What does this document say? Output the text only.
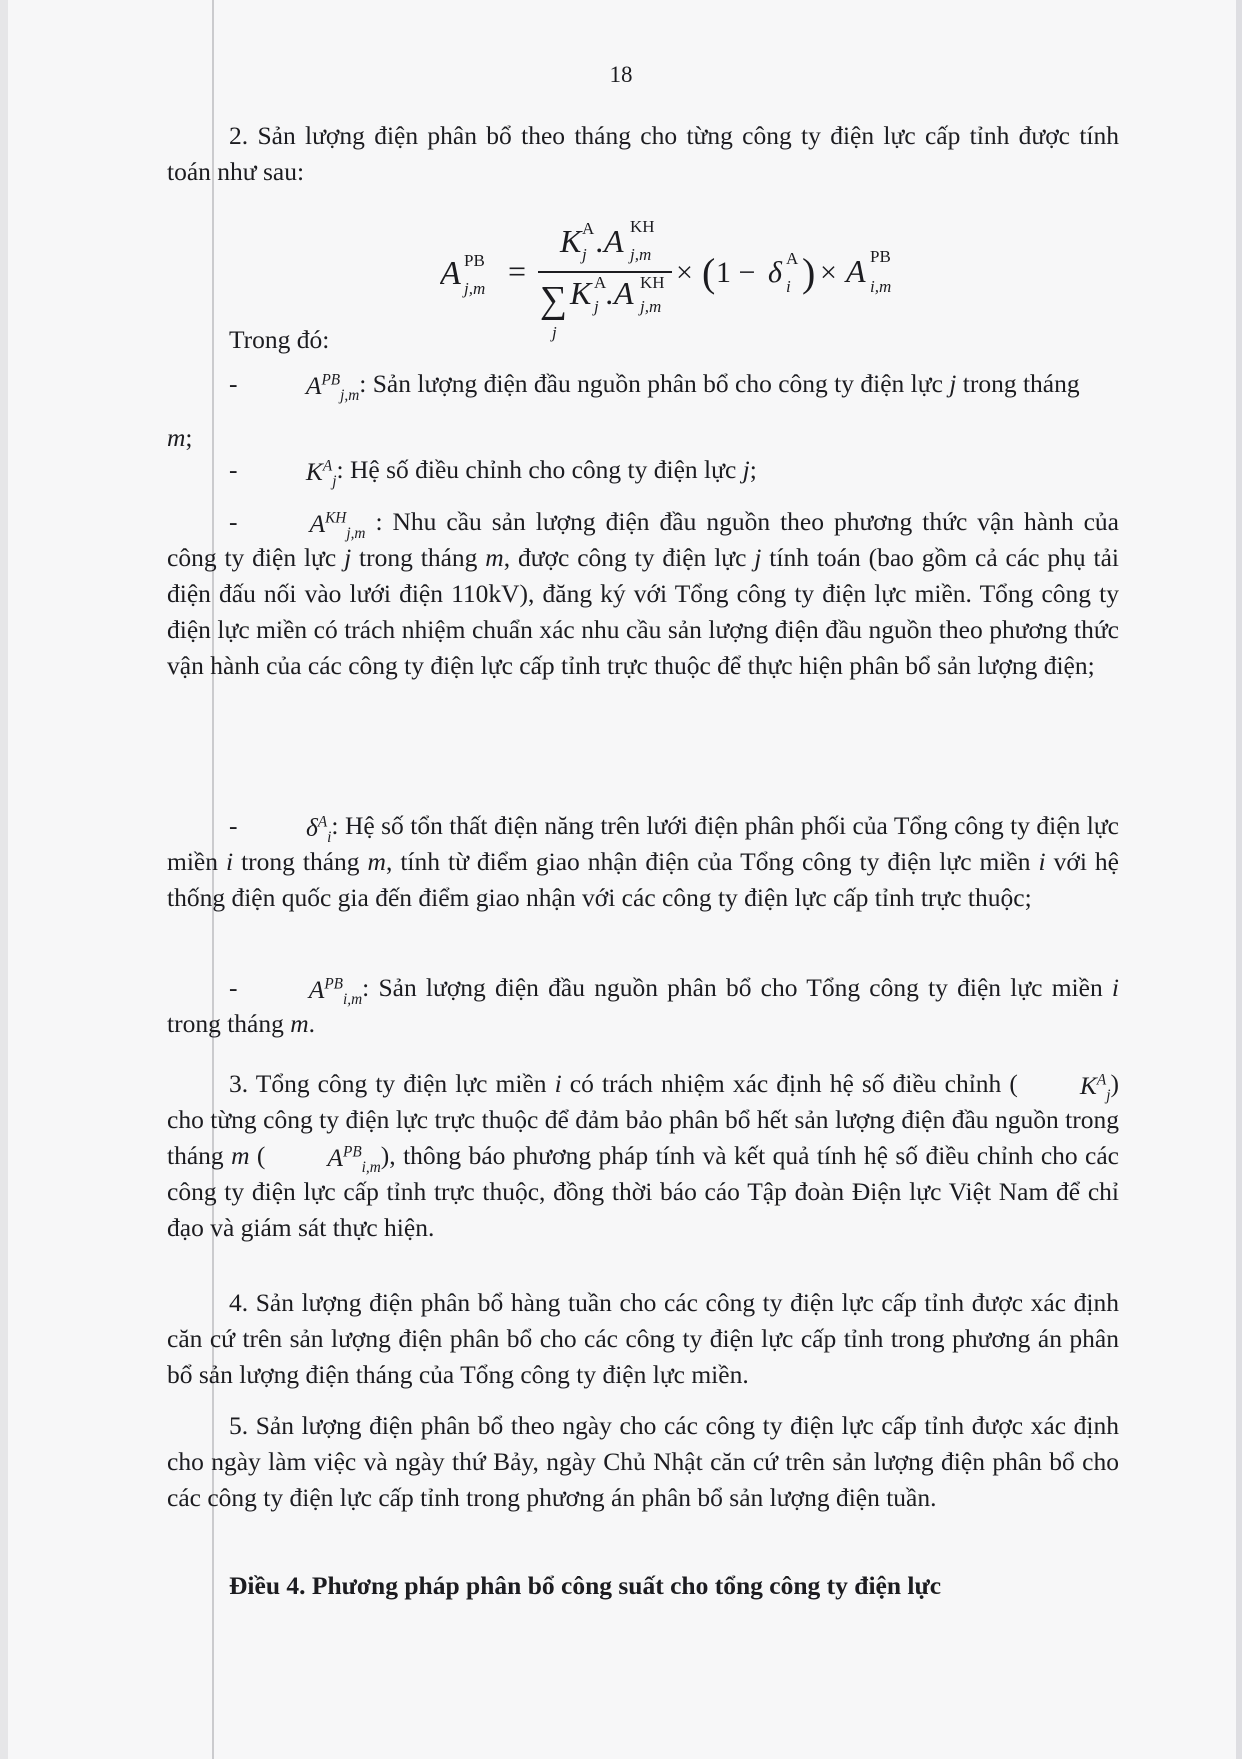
18

2. Sản lượng điện phân bổ theo tháng cho từng công ty điện lực cấp tỉnh được tính toán như sau:

A PB
j,m =
K A
j .A KH
j,m
∑
j
K A
j .A KH
j,m
× ( 1 − δ A
i ) × A PB
i,m

Trong đó:

-	$A^{PB}_{j,m}$: Sản lượng điện đầu nguồn phân bổ cho công ty điện lực j trong tháng

m;

-	$K^A_j$: Hệ số điều chỉnh cho công ty điện lực j;

-	$A^{KH}_{j,m}$ : Nhu cầu sản lượng điện đầu nguồn theo phương thức vận hành của công ty điện lực j trong tháng m, được công ty điện lực j tính toán (bao gồm cả các phụ tải điện đấu nối vào lưới điện 110kV), đăng ký với Tổng công ty điện lực miền. Tổng công ty điện lực miền có trách nhiệm chuẩn xác nhu cầu sản lượng điện đầu nguồn theo phương thức vận hành của các công ty điện lực cấp tỉnh trực thuộc để thực hiện phân bổ sản lượng điện;

-	$\delta^A_i$: Hệ số tổn thất điện năng trên lưới điện phân phối của Tổng công ty điện lực miền i trong tháng m, tính từ điểm giao nhận điện của Tổng công ty điện lực miền i với hệ thống điện quốc gia đến điểm giao nhận với các công ty điện lực cấp tỉnh trực thuộc;

-	$A^{PB}_{i,m}$: Sản lượng điện đầu nguồn phân bổ cho Tổng công ty điện lực miền i trong tháng m.

3. Tổng công ty điện lực miền i có trách nhiệm xác định hệ số điều chỉnh ( $K^A_j$) cho từng công ty điện lực trực thuộc để đảm bảo phân bổ hết sản lượng điện đầu nguồn trong tháng m ( $A^{PB}_{i,m}$), thông báo phương pháp tính và kết quả tính hệ số điều chỉnh cho các công ty điện lực cấp tỉnh trực thuộc, đồng thời báo cáo Tập đoàn Điện lực Việt Nam để chỉ đạo và giám sát thực hiện.

4. Sản lượng điện phân bổ hàng tuần cho các công ty điện lực cấp tỉnh được xác định căn cứ trên sản lượng điện phân bổ cho các công ty điện lực cấp tỉnh trong phương án phân bổ sản lượng điện tháng của Tổng công ty điện lực miền.

5. Sản lượng điện phân bổ theo ngày cho các công ty điện lực cấp tỉnh được xác định cho ngày làm việc và ngày thứ Bảy, ngày Chủ Nhật căn cứ trên sản lượng điện phân bổ cho các công ty điện lực cấp tỉnh trong phương án phân bổ sản lượng điện tuần.

Điều 4. Phương pháp phân bổ công suất cho tổng công ty điện lực
